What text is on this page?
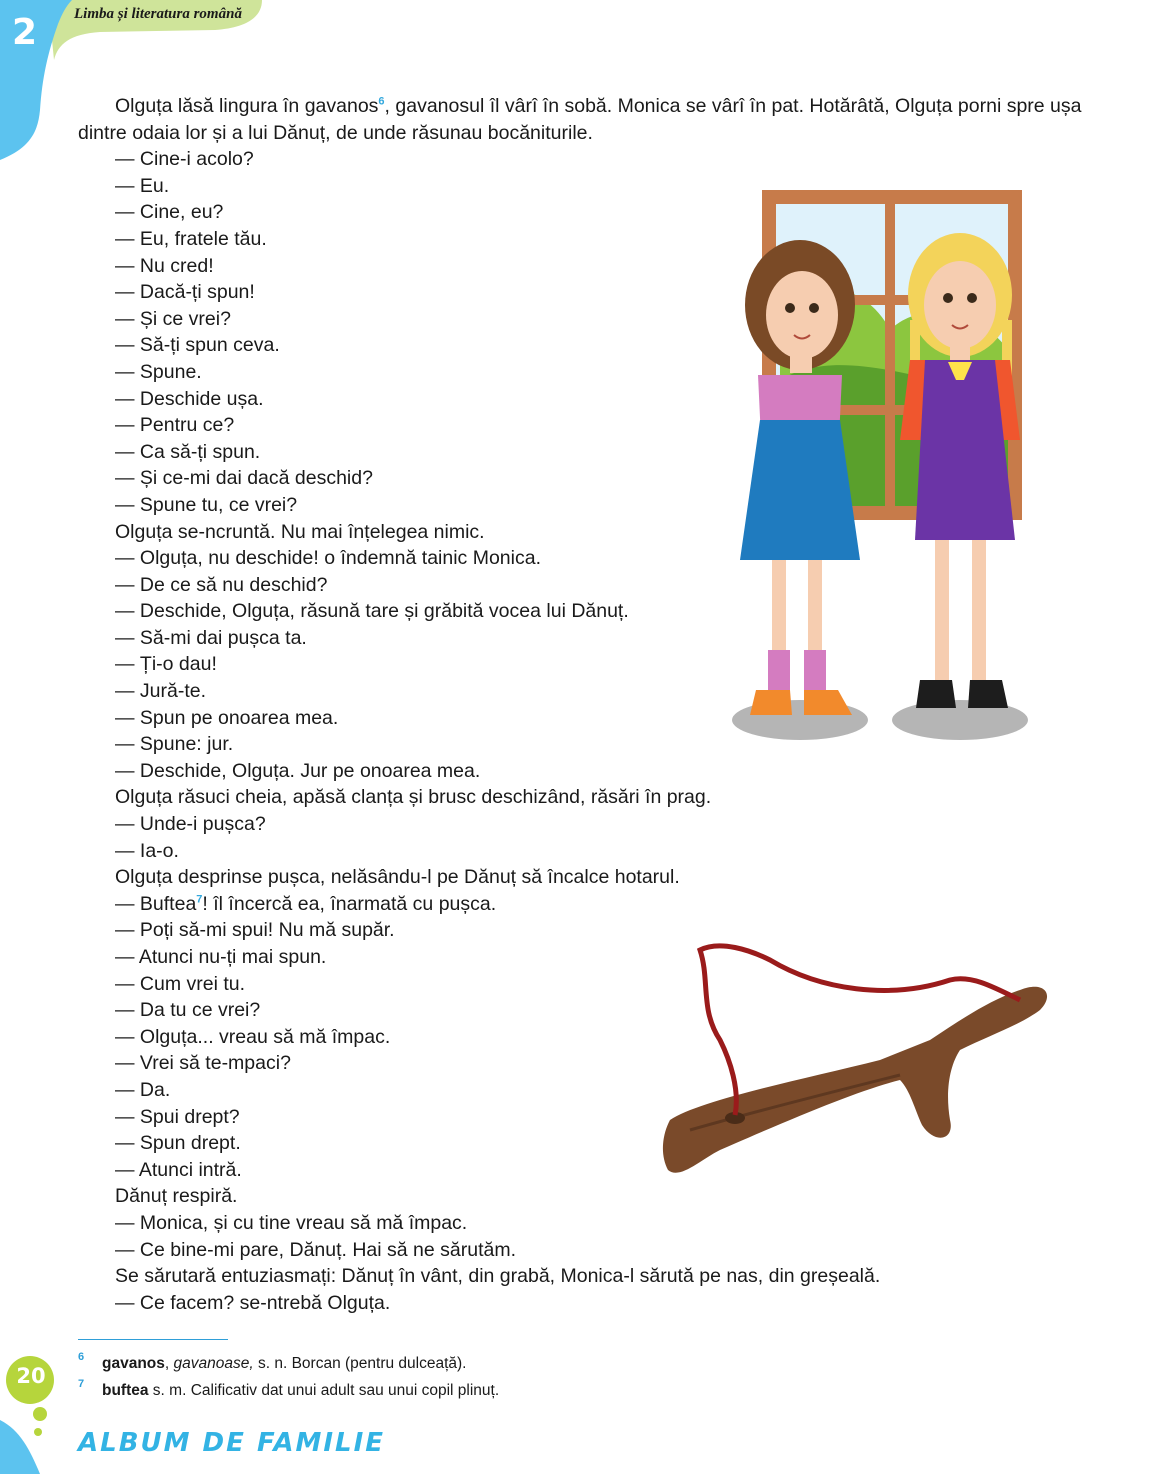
2 Limba și literatura română

Olguța lăsă lingura în gavanos$^6$, gavanosul îl vârî în sobă. Monica se vârî în pat. Hotărâtă, Olguța porni spre ușa dintre odaia lor și a lui Dănuț, de unde răsunau bocăniturile.

— Cine-i acolo?

— Eu.

— Cine, eu?

— Eu, fratele tău.

— Nu cred!

— Dacă-ți spun!

— Și ce vrei?

— Să-ți spun ceva.

— Spune.

— Deschide ușa.

— Pentru ce?

— Ca să-ți spun.

— Și ce-mi dai dacă deschid?

— Spune tu, ce vrei?

Olguța se-ncruntă. Nu mai înțelegea nimic.

— Olguța, nu deschide! o îndemnă tainic Monica.

— De ce să nu deschid?

— Deschide, Olguța, răsună tare și grăbită vocea lui Dănuț.

— Să-mi dai pușca ta.

— Ți-o dau!

— Jură-te.

— Spun pe onoarea mea.

— Spune: jur.

— Deschide, Olguța. Jur pe onoarea mea.

Olguța răsuci cheia, apăsă clanța și brusc deschizând, răsări în prag.

— Unde-i pușca?

— Ia-o.

Olguța desprinse pușca, nelăsându-l pe Dănuț să încalce hotarul.

— Buftea$^7$! îl încercă ea, înarmată cu pușca.

— Poți să-mi spui! Nu mă supăr.

— Atunci nu-ți mai spun.

— Cum vrei tu.

— Da tu ce vrei?

— Olguța... vreau să mă împac.

— Vrei să te-mpaci?

— Da.

— Spui drept?

— Spun drept.

— Atunci intră.

Dănuț respiră.

— Monica, și cu tine vreau să mă împac.

— Ce bine-mi pare, Dănuț. Hai să ne sărutăm.

Se sărutară entuziasmați: Dănuț în vânt, din grabă, Monica-l sărută pe nas, din greșeală.

— Ce facem? se-ntrebă Olguța.

6 gavanos, gavanoase, s. n. Borcan (pentru dulceață).
7 buftea s. m. Calificativ dat unui adult sau unui copil plinuț.
20
ALBUM DE FAMILIE
